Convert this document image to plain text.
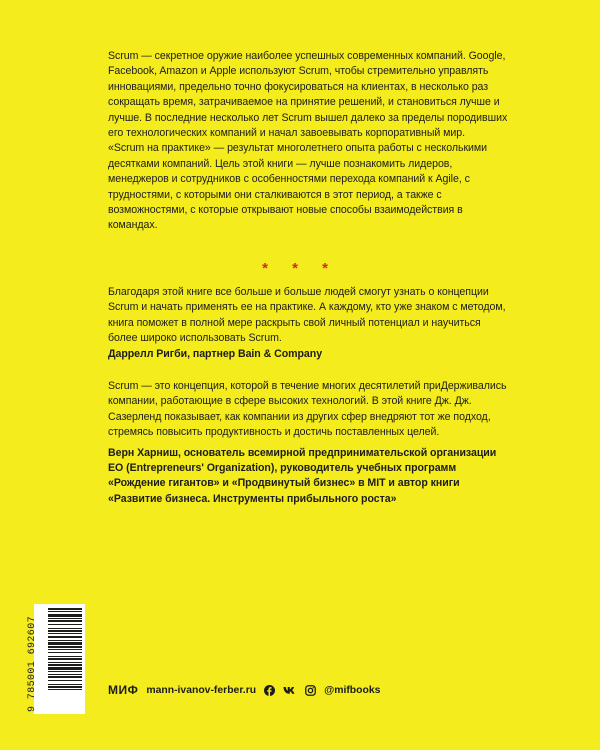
Scrum — секретное оружие наиболее успешных современных компаний. Google, Facebook, Amazon и Apple используют Scrum, чтобы стремительно управлять инновациями, предельно точно фокусироваться на клиентах, в несколько раз сокращать время, затрачиваемое на принятие решений, и становиться лучше и лучше. В последние несколько лет Scrum вышел далеко за пределы породивших его технологических компаний и начал завоевывать корпоративный мир.

«Scrum на практике» — результат многолетнего опыта работы с несколькими десятками компаний. Цель этой книги — лучше познакомить лидеров, менеджеров и сотрудников с особенностями перехода компаний к Agile, с трудностями, с которыми они сталкиваются в этот период, а также с возможностями, с которые открывают новые способы взаимодействия в командах.

* * *

Благодаря этой книге все больше и больше людей смогут узнать о концепции Scrum и начать применять ее на практике. А каждому, кто уже знаком с методом, книга поможет в полной мере раскрыть свой личный потенциал и научиться более широко использовать Scrum.

Даррелл Ригби, партнер Bain & Company

Scrum — это концепция, которой в течение многих десятилетий приДерживались компании, работающие в сфере высоких технологий. В этой книге Дж. Дж. Сазерленд показывает, как компании из других сфер внедряют тот же подход, стремясь повысить продуктивность и достичь поставленных целей.

Верн Харниш, основатель всемирной предпринимательской организации ЕО (Entrepreneurs' Organization), руководитель учебных программ «Рождение гигантов» и «Продвинутый бизнес» в MIT и автор книги «Развитие бизнеса. Инструменты прибыльного роста»

9 785001 692607	МИФ mann-ivanov-ferber.ru	@mifbooks
